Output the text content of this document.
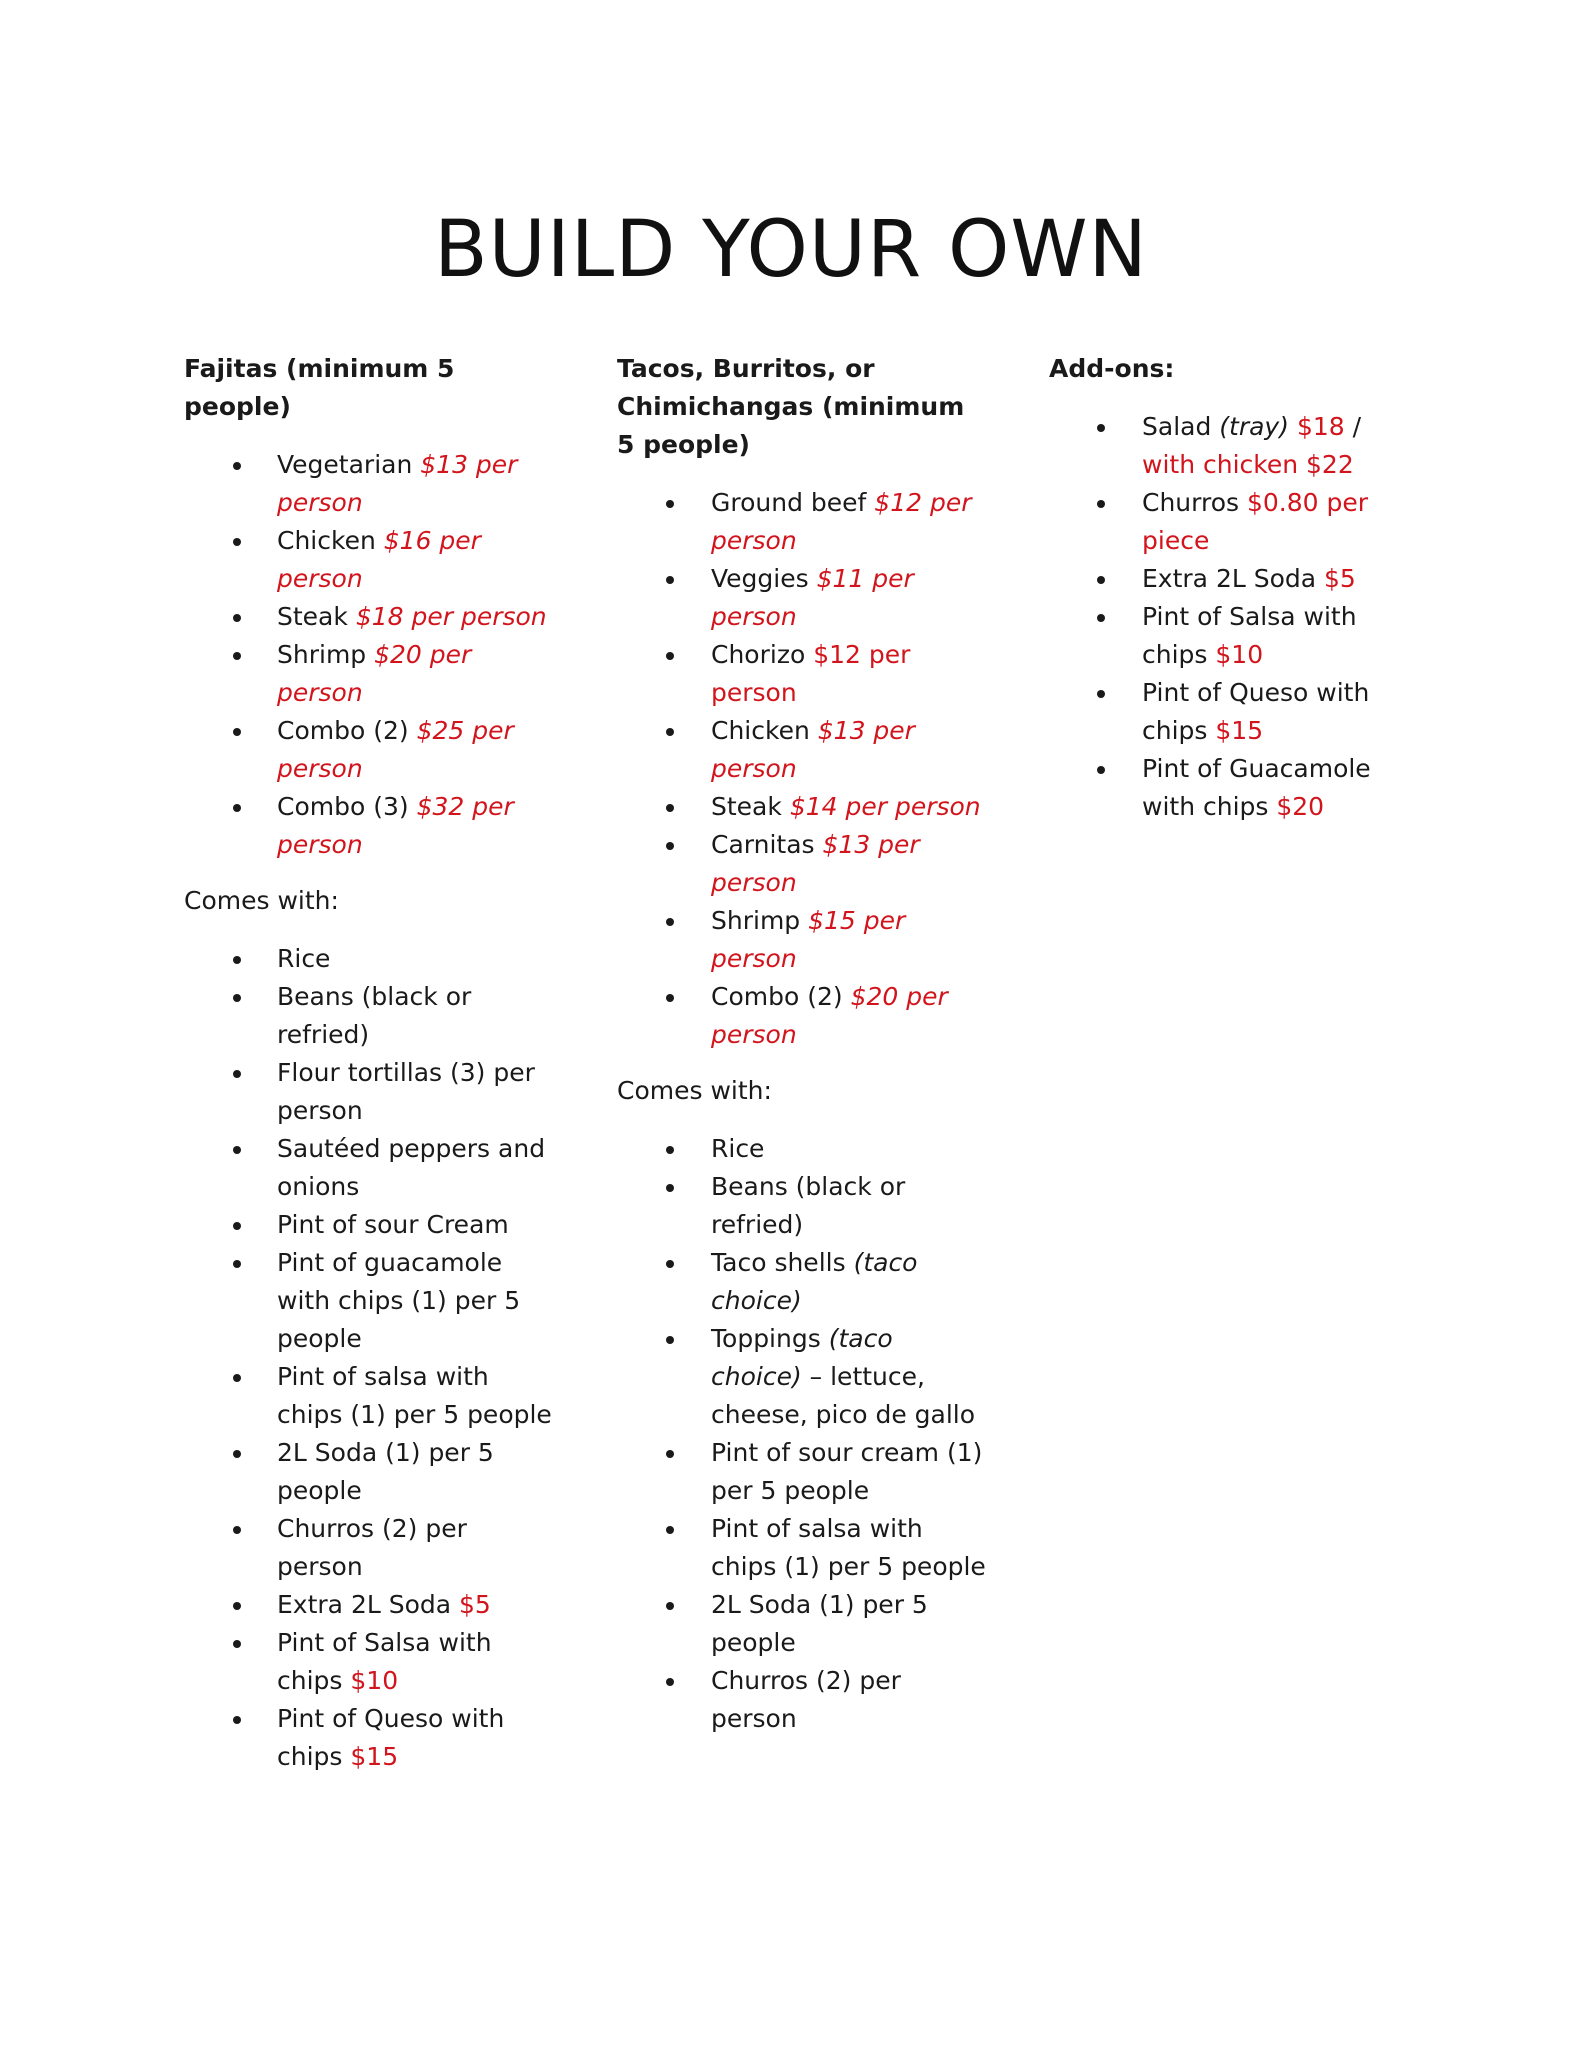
BUILD YOUR OWN
Fajitas (minimum 5 people)
Vegetarian $13 per person
Chicken $16 per person
Steak $18 per person
Shrimp $20 per person
Combo (2) $25 per person
Combo (3) $32 per person
Comes with:
Rice
Beans (black or refried)
Flour tortillas (3) per person
Sautéed peppers and onions
Pint of sour Cream
Pint of guacamole with chips (1) per 5 people
Pint of salsa with chips (1) per 5 people
2L Soda (1) per 5 people
Churros (2) per person
Extra 2L Soda $5
Pint of Salsa with chips $10
Pint of Queso with chips $15
Tacos, Burritos, or Chimichangas (minimum 5 people)
Ground beef $12 per person
Veggies $11 per person
Chorizo $12 per person
Chicken $13 per person
Steak $14 per person
Carnitas $13 per person
Shrimp $15 per person
Combo (2) $20 per person
Comes with:
Rice
Beans (black or refried)
Taco shells (taco choice)
Toppings (taco choice) – lettuce, cheese, pico de gallo
Pint of sour cream (1) per 5 people
Pint of salsa with chips (1) per 5 people
2L Soda (1) per 5 people
Churros (2) per person
Add-ons:
Salad (tray) $18 / with chicken $22
Churros $0.80 per piece
Extra 2L Soda $5
Pint of Salsa with chips $10
Pint of Queso with chips $15
Pint of Guacamole with chips $20
